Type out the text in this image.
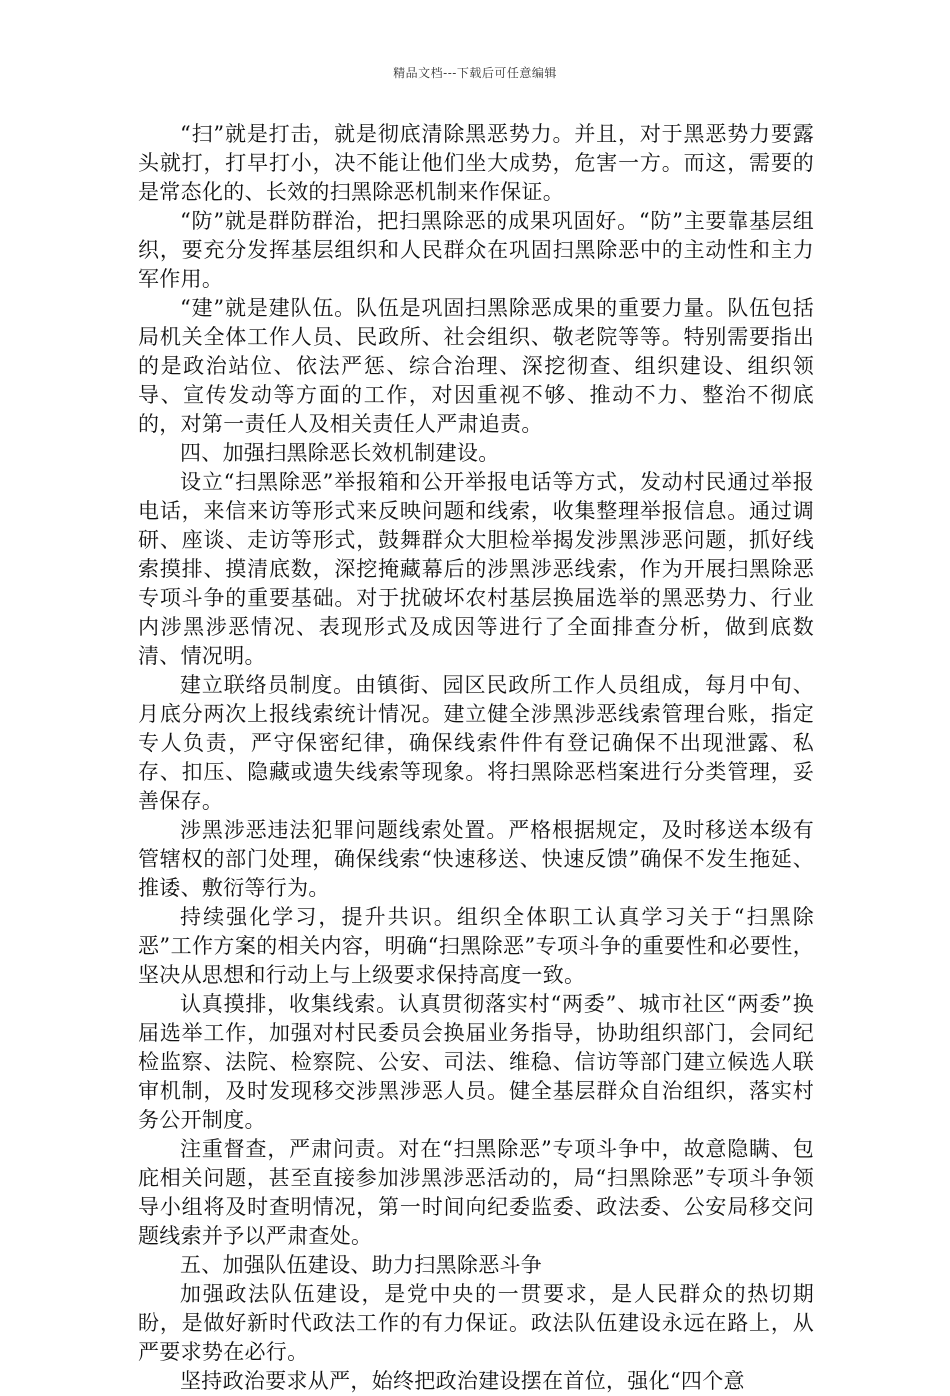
精品文档---下载后可任意编辑

“扫”就是打击，就是彻底清除黑恶势力。并且，对于黑恶势力要露头就打，打早打小，决不能让他们坐大成势，危害一方。而这，需要的是常态化的、长效的扫黑除恶机制来作保证。

“防”就是群防群治，把扫黑除恶的成果巩固好。“防”主要靠基层组织，要充分发挥基层组织和人民群众在巩固扫黑除恶中的主动性和主力军作用。

“建”就是建队伍。队伍是巩固扫黑除恶成果的重要力量。队伍包括局机关全体工作人员、民政所、社会组织、敬老院等等。特别需要指出的是政治站位、依法严惩、综合治理、深挖彻查、组织建设、组织领导、宣传发动等方面的工作，对因重视不够、推动不力、整治不彻底的，对第一责任人及相关责任人严肃追责。

四、加强扫黑除恶长效机制建设。

设立“扫黑除恶”举报箱和公开举报电话等方式，发动村民通过举报电话，来信来访等形式来反映问题和线索，收集整理举报信息。通过调研、座谈、走访等形式，鼓舞群众大胆检举揭发涉黑涉恶问题，抓好线索摸排、摸清底数，深挖掩藏幕后的涉黑涉恶线索，作为开展扫黑除恶专项斗争的重要基础。对于扰破坏农村基层换届选举的黑恶势力、行业内涉黑涉恶情况、表现形式及成因等进行了全面排查分析，做到底数清、情况明。

建立联络员制度。由镇街、园区民政所工作人员组成，每月中旬、月底分两次上报线索统计情况。建立健全涉黑涉恶线索管理台账，指定专人负责，严守保密纪律，确保线索件件有登记确保不出现泄露、私存、扣压、隐藏或遗失线索等现象。将扫黑除恶档案进行分类管理，妥善保存。

涉黑涉恶违法犯罪问题线索处置。严格根据规定，及时移送本级有管辖权的部门处理，确保线索“快速移送、快速反馈”确保不发生拖延、推诿、敷衍等行为。

持续强化学习，提升共识。组织全体职工认真学习关于“扫黑除恶”工作方案的相关内容，明确“扫黑除恶”专项斗争的重要性和必要性，坚决从思想和行动上与上级要求保持高度一致。

认真摸排，收集线索。认真贯彻落实村“两委”、城市社区“两委”换届选举工作，加强对村民委员会换届业务指导，协助组织部门，会同纪检监察、法院、检察院、公安、司法、维稳、信访等部门建立候选人联审机制，及时发现移交涉黑涉恶人员。健全基层群众自治组织，落实村务公开制度。

注重督查，严肃问责。对在“扫黑除恶”专项斗争中，故意隐瞒、包庇相关问题，甚至直接参加涉黑涉恶活动的，局“扫黑除恶”专项斗争领导小组将及时查明情况，第一时间向纪委监委、政法委、公安局移交问题线索并予以严肃查处。

五、加强队伍建设、助力扫黑除恶斗争

加强政法队伍建设，是党中央的一贯要求，是人民群众的热切期盼，是做好新时代政法工作的有力保证。政法队伍建设永远在路上，从严要求势在必行。

坚持政治要求从严，始终把政治建设摆在首位，强化“四个意
